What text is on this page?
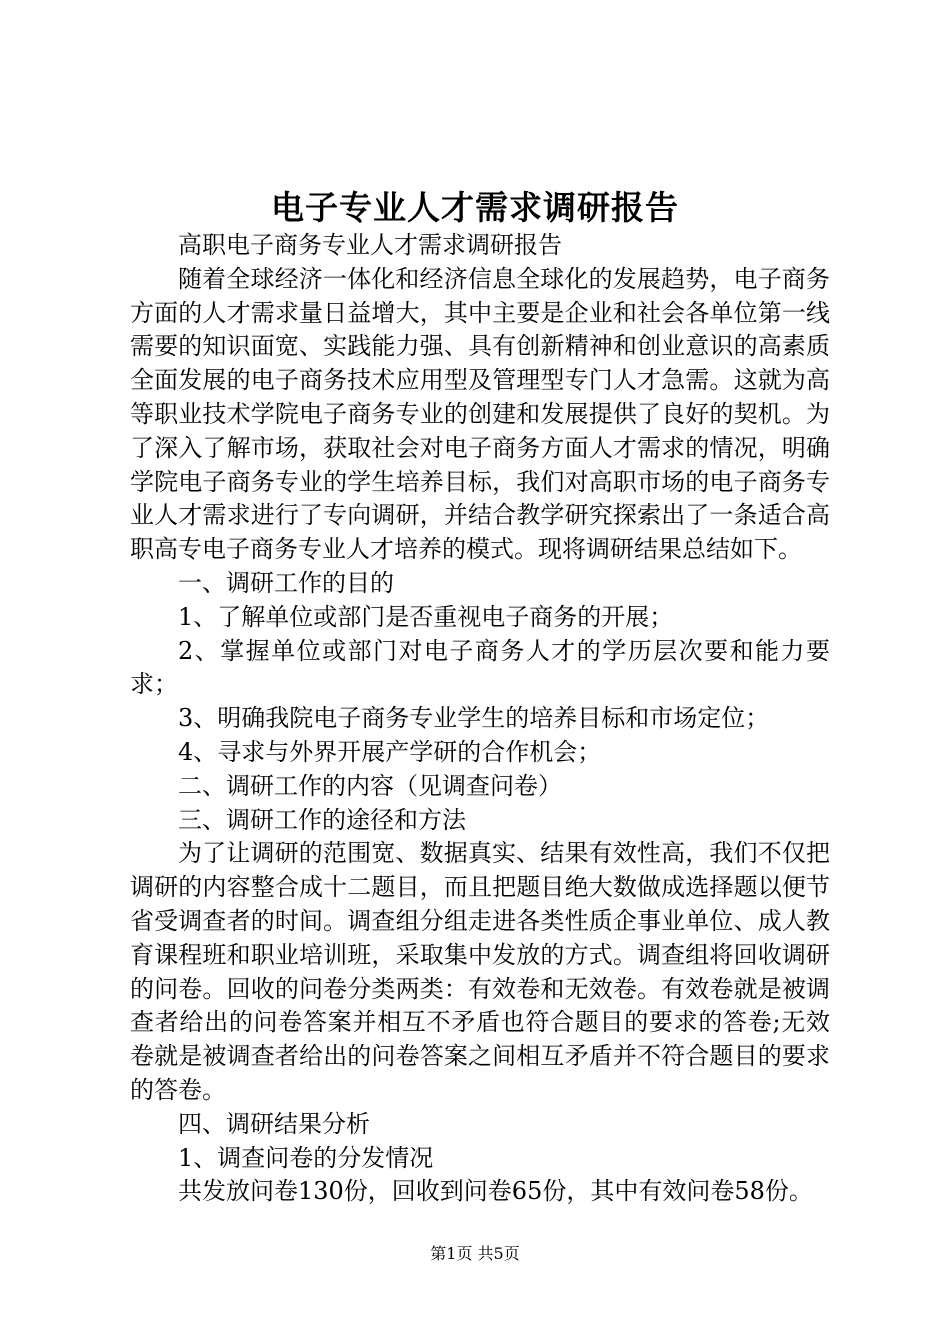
电子专业人才需求调研报告

高职电子商务专业人才需求调研报告

随着全球经济一体化和经济信息全球化的发展趋势，电子商务方面的人才需求量日益增大，其中主要是企业和社会各单位第一线需要的知识面宽、实践能力强、具有创新精神和创业意识的高素质全面发展的电子商务技术应用型及管理型专门人才急需。这就为高等职业技术学院电子商务专业的创建和发展提供了良好的契机。为了深入了解市场，获取社会对电子商务方面人才需求的情况，明确学院电子商务专业的学生培养目标，我们对高职市场的电子商务专业人才需求进行了专向调研，并结合教学研究探索出了一条适合高职高专电子商务专业人才培养的模式。现将调研结果总结如下。

一、调研工作的目的

1、了解单位或部门是否重视电子商务的开展；

2、掌握单位或部门对电子商务人才的学历层次要和能力要求；

3、明确我院电子商务专业学生的培养目标和市场定位；

4、寻求与外界开展产学研的合作机会；

二、调研工作的内容（见调查问卷）

三、调研工作的途径和方法

为了让调研的范围宽、数据真实、结果有效性高，我们不仅把调研的内容整合成十二题目，而且把题目绝大数做成选择题以便节省受调查者的时间。调查组分组走进各类性质企事业单位、成人教育课程班和职业培训班，采取集中发放的方式。调查组将回收调研的问卷。回收的问卷分类两类：有效卷和无效卷。有效卷就是被调查者给出的问卷答案并相互不矛盾也符合题目的要求的答卷;无效卷就是被调查者给出的问卷答案之间相互矛盾并不符合题目的要求的答卷。

四、调研结果分析

1、调查问卷的分发情况

共发放问卷130份，回收到问卷65份，其中有效问卷58份。

第1页 共5页
